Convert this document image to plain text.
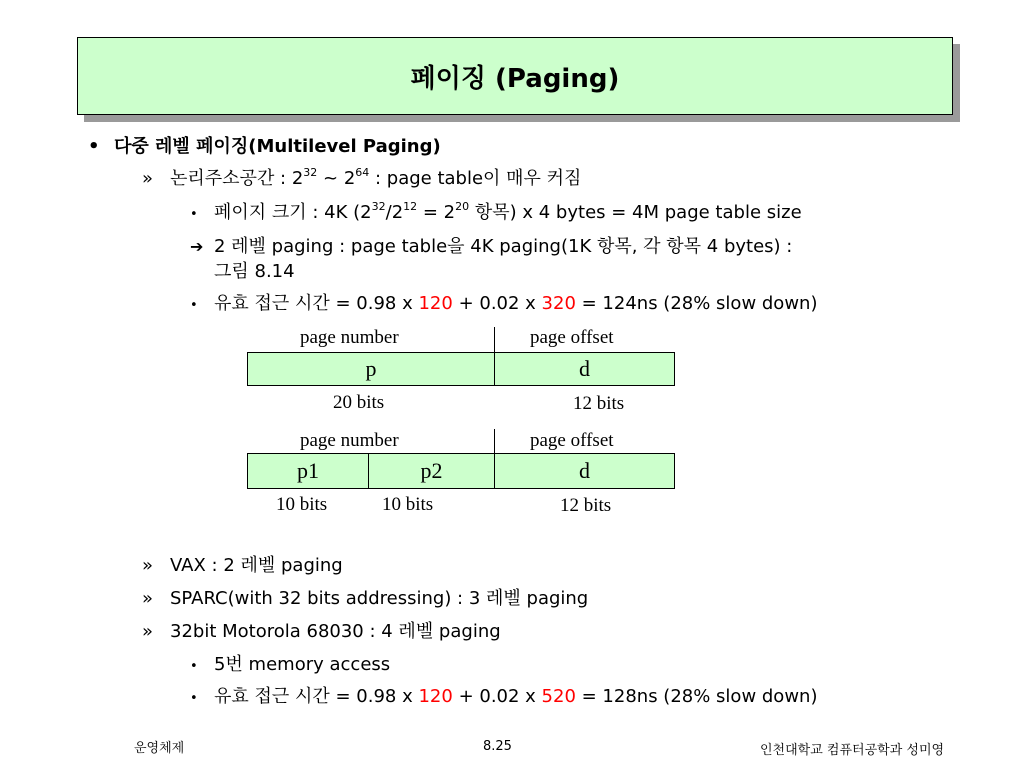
페이징 (Paging)
• 다중 레벨 페이징(Multilevel Paging)
» 논리주소공간 : $2^{32}$ ~ $2^{64}$ : page table이 매우 커짐
• 페이지 크기 : 4K ($2^{32}/2^{12} = 2^{20}$ 항목) x 4 bytes = 4M page table size
➔ 2 레벨 paging : page table을 4K paging(1K 항목, 각 항목 4 bytes) :
그림 8.14
• 유효 접근 시간 = 0.98 x 120 + 0.02 x 320 = 124ns (28% slow down)
page number	page offset
p	d
20 bits	12 bits
page number	page offset
p1	p2	d
10 bits	10 bits	12 bits
» VAX : 2 레벨 paging
» SPARC(with 32 bits addressing) : 3 레벨 paging
» 32bit Motorola 68030 : 4 레벨 paging
• 5번 memory access
• 유효 접근 시간 = 0.98 x 120 + 0.02 x 520 = 128ns (28% slow down)
운영체제	8.25	인천대학교 컴퓨터공학과 성미영
